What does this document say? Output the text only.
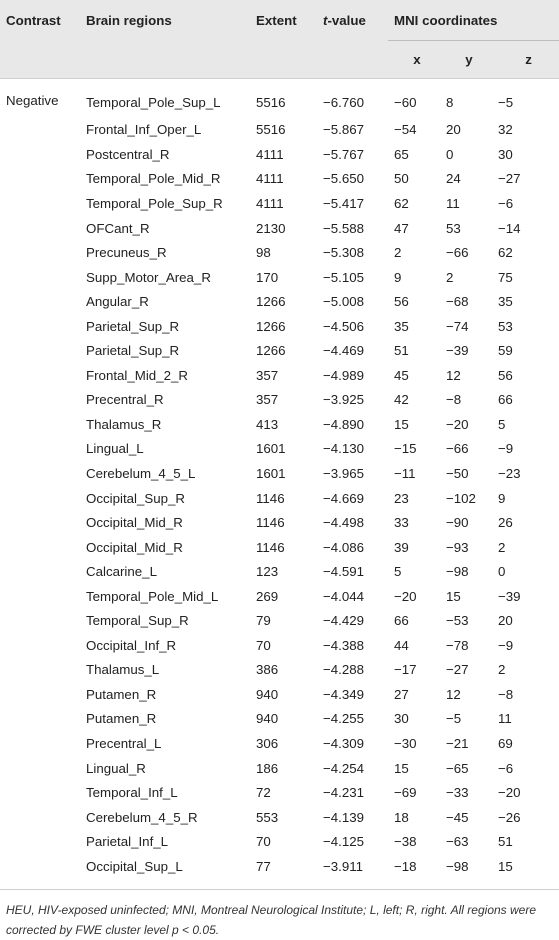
Contrast	Brain regions	Extent	t-value	MNI coordinates		
				x	y	z
Negative	Temporal_Pole_Sup_L	5516	−6.760	−60	8	−5
	Frontal_Inf_Oper_L	5516	−5.867	−54	20	32
	Postcentral_R	4111	−5.767	65	0	30
	Temporal_Pole_Mid_R	4111	−5.650	50	24	−27
	Temporal_Pole_Sup_R	4111	−5.417	62	11	−6
	OFCant_R	2130	−5.588	47	53	−14
	Precuneus_R	98	−5.308	2	−66	62
	Supp_Motor_Area_R	170	−5.105	9	2	75
	Angular_R	1266	−5.008	56	−68	35
	Parietal_Sup_R	1266	−4.506	35	−74	53
	Parietal_Sup_R	1266	−4.469	51	−39	59
	Frontal_Mid_2_R	357	−4.989	45	12	56
	Precentral_R	357	−3.925	42	−8	66
	Thalamus_R	413	−4.890	15	−20	5
	Lingual_L	1601	−4.130	−15	−66	−9
	Cerebelum_4_5_L	1601	−3.965	−11	−50	−23
	Occipital_Sup_R	1146	−4.669	23	−102	9
	Occipital_Mid_R	1146	−4.498	33	−90	26
	Occipital_Mid_R	1146	−4.086	39	−93	2
	Calcarine_L	123	−4.591	5	−98	0
	Temporal_Pole_Mid_L	269	−4.044	−20	15	−39
	Temporal_Sup_R	79	−4.429	66	−53	20
	Occipital_Inf_R	70	−4.388	44	−78	−9
	Thalamus_L	386	−4.288	−17	−27	2
	Putamen_R	940	−4.349	27	12	−8
	Putamen_R	940	−4.255	30	−5	11
	Precentral_L	306	−4.309	−30	−21	69
	Lingual_R	186	−4.254	15	−65	−6
	Temporal_Inf_L	72	−4.231	−69	−33	−20
	Cerebelum_4_5_R	553	−4.139	18	−45	−26
	Parietal_Inf_L	70	−4.125	−38	−63	51
	Occipital_Sup_L	77	−3.911	−18	−98	15
HEU, HIV-exposed uninfected; MNI, Montreal Neurological Institute; L, left; R, right. All regions were corrected by FWE cluster level p < 0.05.
